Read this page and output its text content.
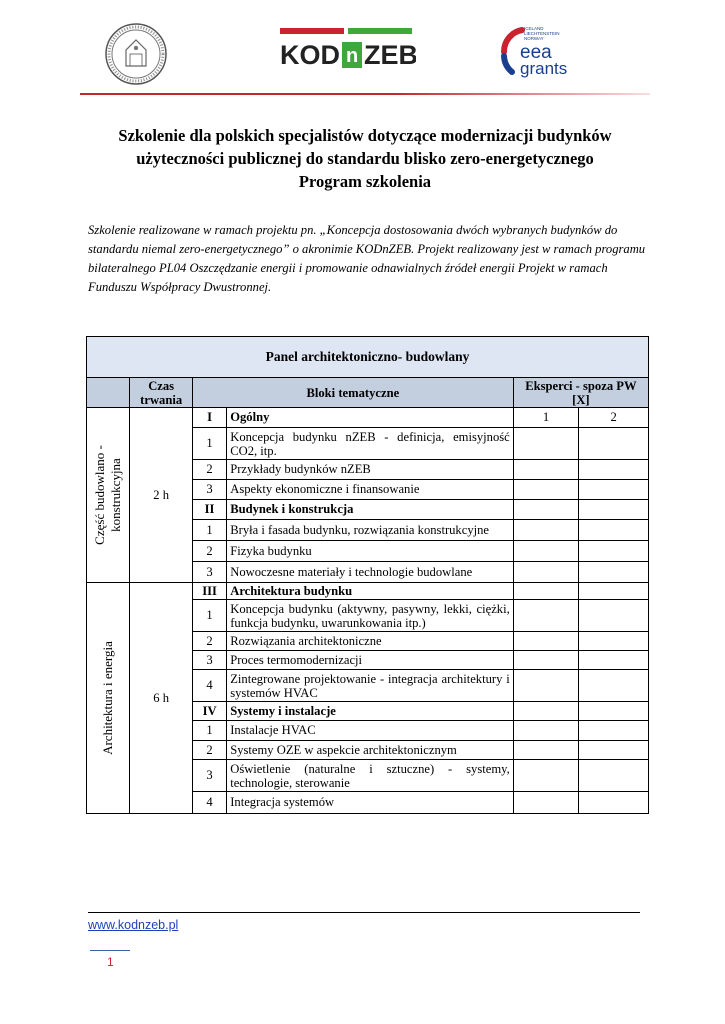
KOD n ZEB
ICELAND
LIECHTENSTEIN
NORWAY
eea
grants
Szkolenie dla polskich specjalistów dotyczące modernizacji budynków
użyteczności publicznej do standardu blisko zero-energetycznego
Program szkolenia
Szkolenie realizowane w ramach projektu pn. „Koncepcja dostosowania dwóch wybranych budynków do standardu niemal zero-energetycznego” o akronimie KODnZEB. Projekt realizowany jest w ramach programu bilateralnego PL04 Oszczędzanie energii i promowanie odnawialnych źródeł energii Projekt w ramach Funduszu Współpracy Dwustronnej.
Panel architektoniczno- budowlany					
	Czas trwania	Bloki tematyczne		Eksperci - spoza PW [X]	

Część budowlano - konstrukcyjna	2 h	I	Ogólny	1	2
		1	Koncepcja budynku nZEB - definicja, emisyjność CO2, itp.		
		2	Przykłady budynków nZEB		
		3	Aspekty ekonomiczne i finansowanie		
		II	Budynek i konstrukcja		
		1	Bryła i fasada budynku, rozwiązania konstrukcyjne		
		2	Fizyka budynku		
		3	Nowoczesne materiały i technologie budowlane		

Architektura i energia	6 h	III	Architektura budynku		
		1	Koncepcja budynku (aktywny, pasywny, lekki, ciężki, funkcja budynku, uwarunkowania itp.)		
		2	Rozwiązania architektoniczne		
		3	Proces termomodernizacji		
		4	Zintegrowane projektowanie - integracja architektury i systemów HVAC		
		IV	Systemy i instalacje		
		1	Instalacje HVAC		
		2	Systemy OZE w aspekcie architektonicznym		
		3	Oświetlenie (naturalne i sztuczne) - systemy, technologie, sterowanie		
		4	Integracja systemów		
www.kodnzeb.pl
1
